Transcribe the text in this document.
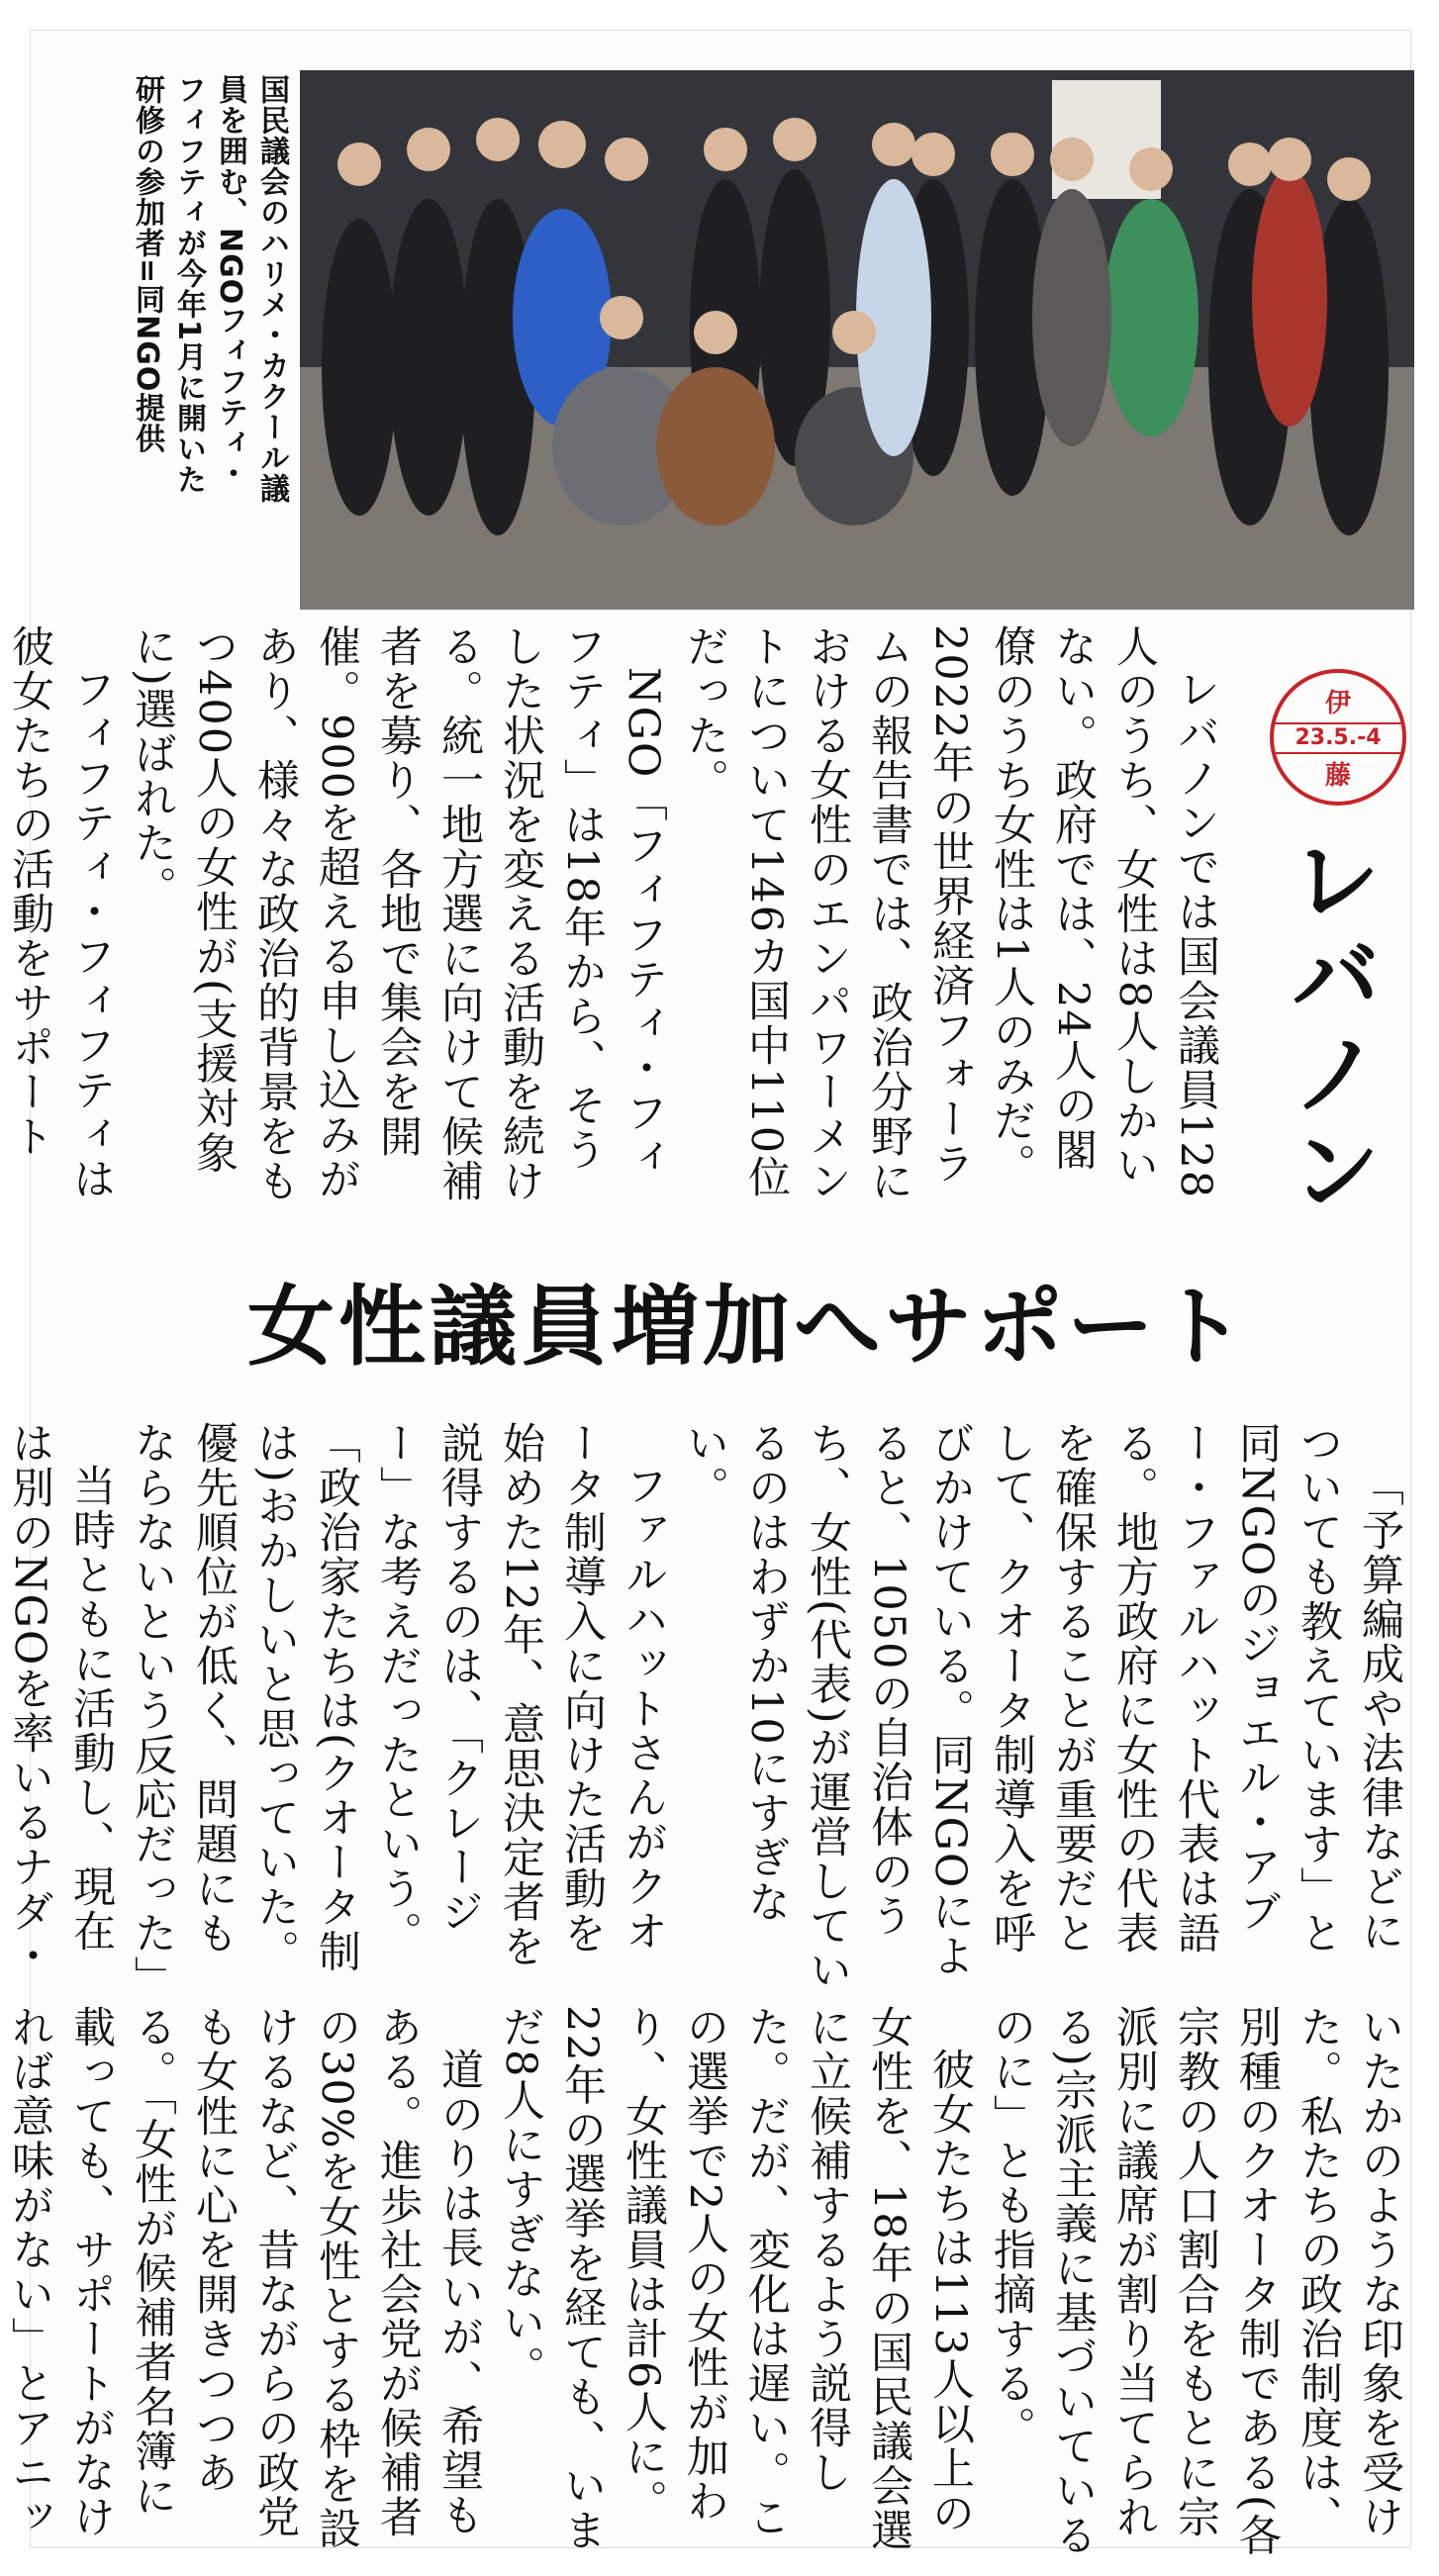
国民議会のハリメ・カクール議
員を囲む、NGOフィフティ・
フィフティが今年1月に開いた
研修の参加者=同NGO提供
伊
23.5.-4
藤
レバノン

レバノンでは国会議員128人のうち、女性は8人しかいない。政府では、24人の閣僚のうち女性は1人のみだ。2022年の世界経済フォーラムの報告書では、政治分野における女性のエンパワーメントについて146カ国中110位だった。

NGO「フィフティ・フィフティ」は18年から、そうした状況を変える活動を続ける。統一地方選に向けて候補者を募り、各地で集会を開催。900を超える申し込みがあり、様々な政治的背景をもつ400人の女性が(支援対象に)選ばれた。

フィフティ・フィフティは彼女たちの活動をサポート

女性議員増加へサポート

「予算編成や法律などについても教えています」と同NGOのジョエル・アブー・ファルハット代表は語る。地方政府に女性の代表を確保することが重要だとして、クオータ制導入を呼びかけている。同NGOによると、1050の自治体のうち、女性(代表)が運営しているのはわずか10にすぎない。

ファルハットさんがクオータ制導入に向けた活動を始めた12年、意思決定者を説得するのは、「クレージー」な考えだったという。「政治家たちは(クオータ制は)おかしいと思っていた。優先順位が低く、問題にもならないという反応だった」

当時ともに活動し、現在は別のNGOを率いるナダ・

いたかのような印象を受けた。私たちの政治制度は、別種のクオータ制である(各宗教の人口割合をもとに宗派別に議席が割り当てられる)宗派主義に基づいているのに」とも指摘する。

彼女たちは113人以上の女性を、18年の国民議会選に立候補するよう説得した。だが、変化は遅い。この選挙で2人の女性が加わり、女性議員は計6人に。22年の選挙を経ても、いまだ8人にすぎない。

道のりは長いが、希望もある。進歩社会党が候補者の30%を女性とする枠を設けるなど、昔ながらの政党も女性に心を開きつつある。「女性が候補者名簿に載っても、サポートがなければ意味がない」とアニッ
